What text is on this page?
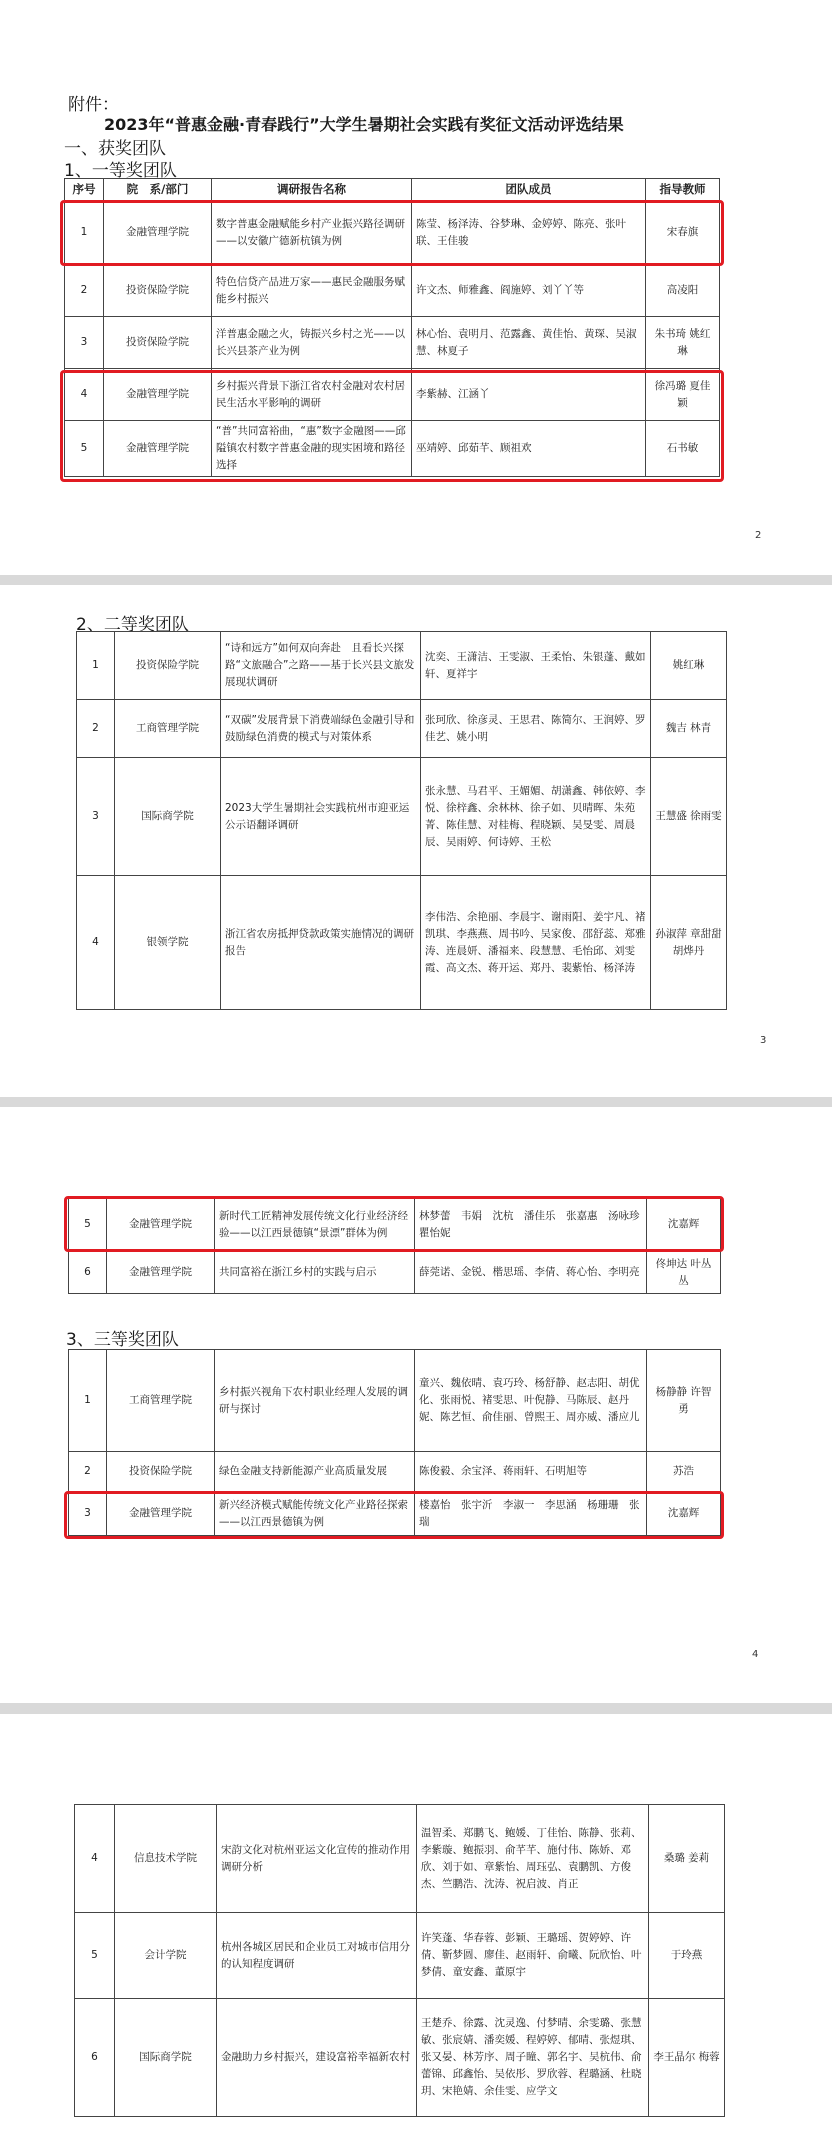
附件：
2023年“普惠金融·青春践行”大学生暑期社会实践有奖征文活动评选结果
一、获奖团队
1、一等奖团队
序号	院　系/部门	调研报告名称	团队成员	指导教师
1	金融管理学院	数字普惠金融赋能乡村产业振兴路径调研——以安徽广德新杭镇为例	陈莹、杨泽涛、谷梦琳、金婷婷、陈亮、张叶联、王佳骏	宋春旗
2	投资保险学院	特色信贷产品进万家——惠民金融服务赋能乡村振兴	许文杰、师雅鑫、阎施婷、刘丫丫等	高凌阳
3	投资保险学院	洋普惠金融之火，铸振兴乡村之光——以长兴县茶产业为例	林心怡、袁明月、范露鑫、黄佳怡、黄琛、吴淑慧、林夏子	朱书琦 姚红琳
4	金融管理学院	乡村振兴背景下浙江省农村金融对农村居民生活水平影响的调研	李紫赫、江涵丫	徐冯璐 夏佳颖
5	金融管理学院	“普”共同富裕曲，“惠”数字金融图——邱隘镇农村数字普惠金融的现实困境和路径选择	巫靖婷、邱茹芊、顾祖欢	石书敏
2
2、二等奖团队
1	投资保险学院	“诗和远方”如何双向奔赴　且看长兴探路“文旅融合”之路——基于长兴县文旅发展现状调研	沈奕、王潇洁、王雯淑、王柔怡、朱银蓬、戴如轩、夏祥宇	姚红琳
2	工商管理学院	“双碳”发展背景下消费端绿色金融引导和鼓励绿色消费的模式与对策体系	张珂欣、徐彦灵、王思君、陈简尔、王润婷、罗佳艺、姚小明	魏吉 林青
3	国际商学院	2023大学生暑期社会实践杭州市迎亚运公示语翻译调研	张永慧、马君平、王媚媚、胡潇鑫、韩依婷、李悦、徐梓鑫、余林林、徐子如、贝晴晖、朱苑菁、陈佳慧、对桂梅、程晓颖、吴旻雯、周晨辰、吴雨婷、何诗婷、王松	王慧盛 徐雨雯
4	银领学院	浙江省农房抵押贷款政策实施情况的调研报告	李伟浩、余艳丽、李晨宇、谢雨阳、姜宇凡、褚凯琪、李燕燕、周书吟、吴家俊、邵舒蕊、郑雅涛、连晨妍、潘福来、段慧慧、毛怡邱、刘雯霞、高文杰、蒋开运、郑丹、裴紫怡、杨泽涛	孙淑萍 章甜甜 胡烨丹
3
5	金融管理学院	新时代工匠精神发展传统文化行业经济经验——以江西景德镇“景漂”群体为例	林梦蕾　韦娟　沈杭　潘佳乐　张嘉惠　汤咏珍　瞿怡妮	沈嘉辉
6	金融管理学院	共同富裕在浙江乡村的实践与启示	薛莞诺、金锐、楷思瑶、李倩、蒋心怡、李明亮	佟坤达 叶丛丛
3、三等奖团队
1	工商管理学院	乡村振兴视角下农村职业经理人发展的调研与探讨	童兴、魏依晴、袁巧玲、杨舒静、赵志阳、胡优化、张雨悦、褚雯思、叶倪静、马陈辰、赵丹妮、陈艺恒、俞佳丽、曾熙王、周亦威、潘应儿	杨静静 许智勇
2	投资保险学院	绿色金融支持新能源产业高质量发展	陈俊毅、余宝泽、蒋雨轩、石明旭等	苏浩
3	金融管理学院	新兴经济模式赋能传统文化产业路径探索——以江西景德镇为例	楼嘉怡　张宇沂　李淑一　李思涵　杨珊珊　张瑞	沈嘉辉
4
4	信息技术学院	宋韵文化对杭州亚运文化宣传的推动作用调研分析	温智柔、郑鹏飞、鲍媛、丁佳怡、陈静、张莉、李紫璇、鲍振羽、俞芊芊、施付伟、陈娇、邓欣、刘于如、章紫怡、周珏弘、袁鹏凯、方俊杰、竺鹏浩、沈涛、祝启波、肖正	桑璐 姜莉
5	会计学院	杭州各城区居民和企业员工对城市信用分的认知程度调研	许笑蓬、华春蓉、彭颖、王璐瑶、贺婷婷、许倩、靳梦圆、廖佳、赵雨轩、俞曦、阮欣怡、叶梦倩、童安鑫、董原宇	于玲燕
6	国际商学院	金融助力乡村振兴，建设富裕幸福新农村	王楚乔、徐露、沈灵逸、付梦晴、余雯璐、张慧敏、张宸婧、潘奕媛、程婷婷、郁晴、张煜琪、张又晏、林芳序、周子瞳、郭名宇、吴杭伟、俞蕾锦、邱鑫怡、吴依彤、罗欣蓉、程璐涵、杜晓玥、宋艳婧、余佳雯、应学文	李王晶尔 梅蓉
